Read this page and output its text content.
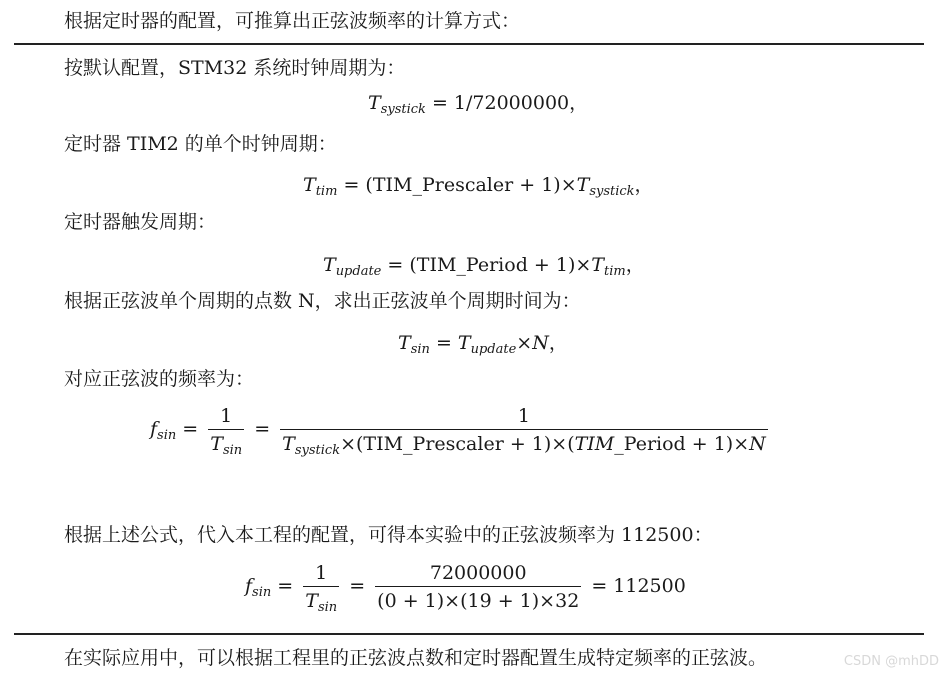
根据定时器的配置，可推算出正弦波频率的计算方式：
按默认配置，STM32 系统时钟周期为：
$T_{systick} = 1/72000000$，
定时器 TIM2 的单个时钟周期：
$T_{tim}$ = (TIM_Prescaler + $1)\times T_{systick}$，
定时器触发周期：
$T_{update}$ = (TIM_Period + $1)\times T_{tim}$，
根据正弦波单个周期的点数 N，求出正弦波单个周期时间为：
$T_{sin} = T_{update}\times N$，
对应正弦波的频率为：
$f_{sin} = \frac{1}{T_{sin}} = \frac{1}{T_{systick}\times(TIM\_Prescaler + 1)\times(TIM\_Period + 1)\times N}$
根据上述公式，代入本工程的配置，可得本实验中的正弦波频率为 112500：
$f_{sin} = \frac{1}{T_{sin}} = \frac{72000000}{(0 + 1)\times(19 + 1)\times 32} = 112500$
在实际应用中，可以根据工程里的正弦波点数和定时器配置生成特定频率的正弦波。	CSDN @mhDD
